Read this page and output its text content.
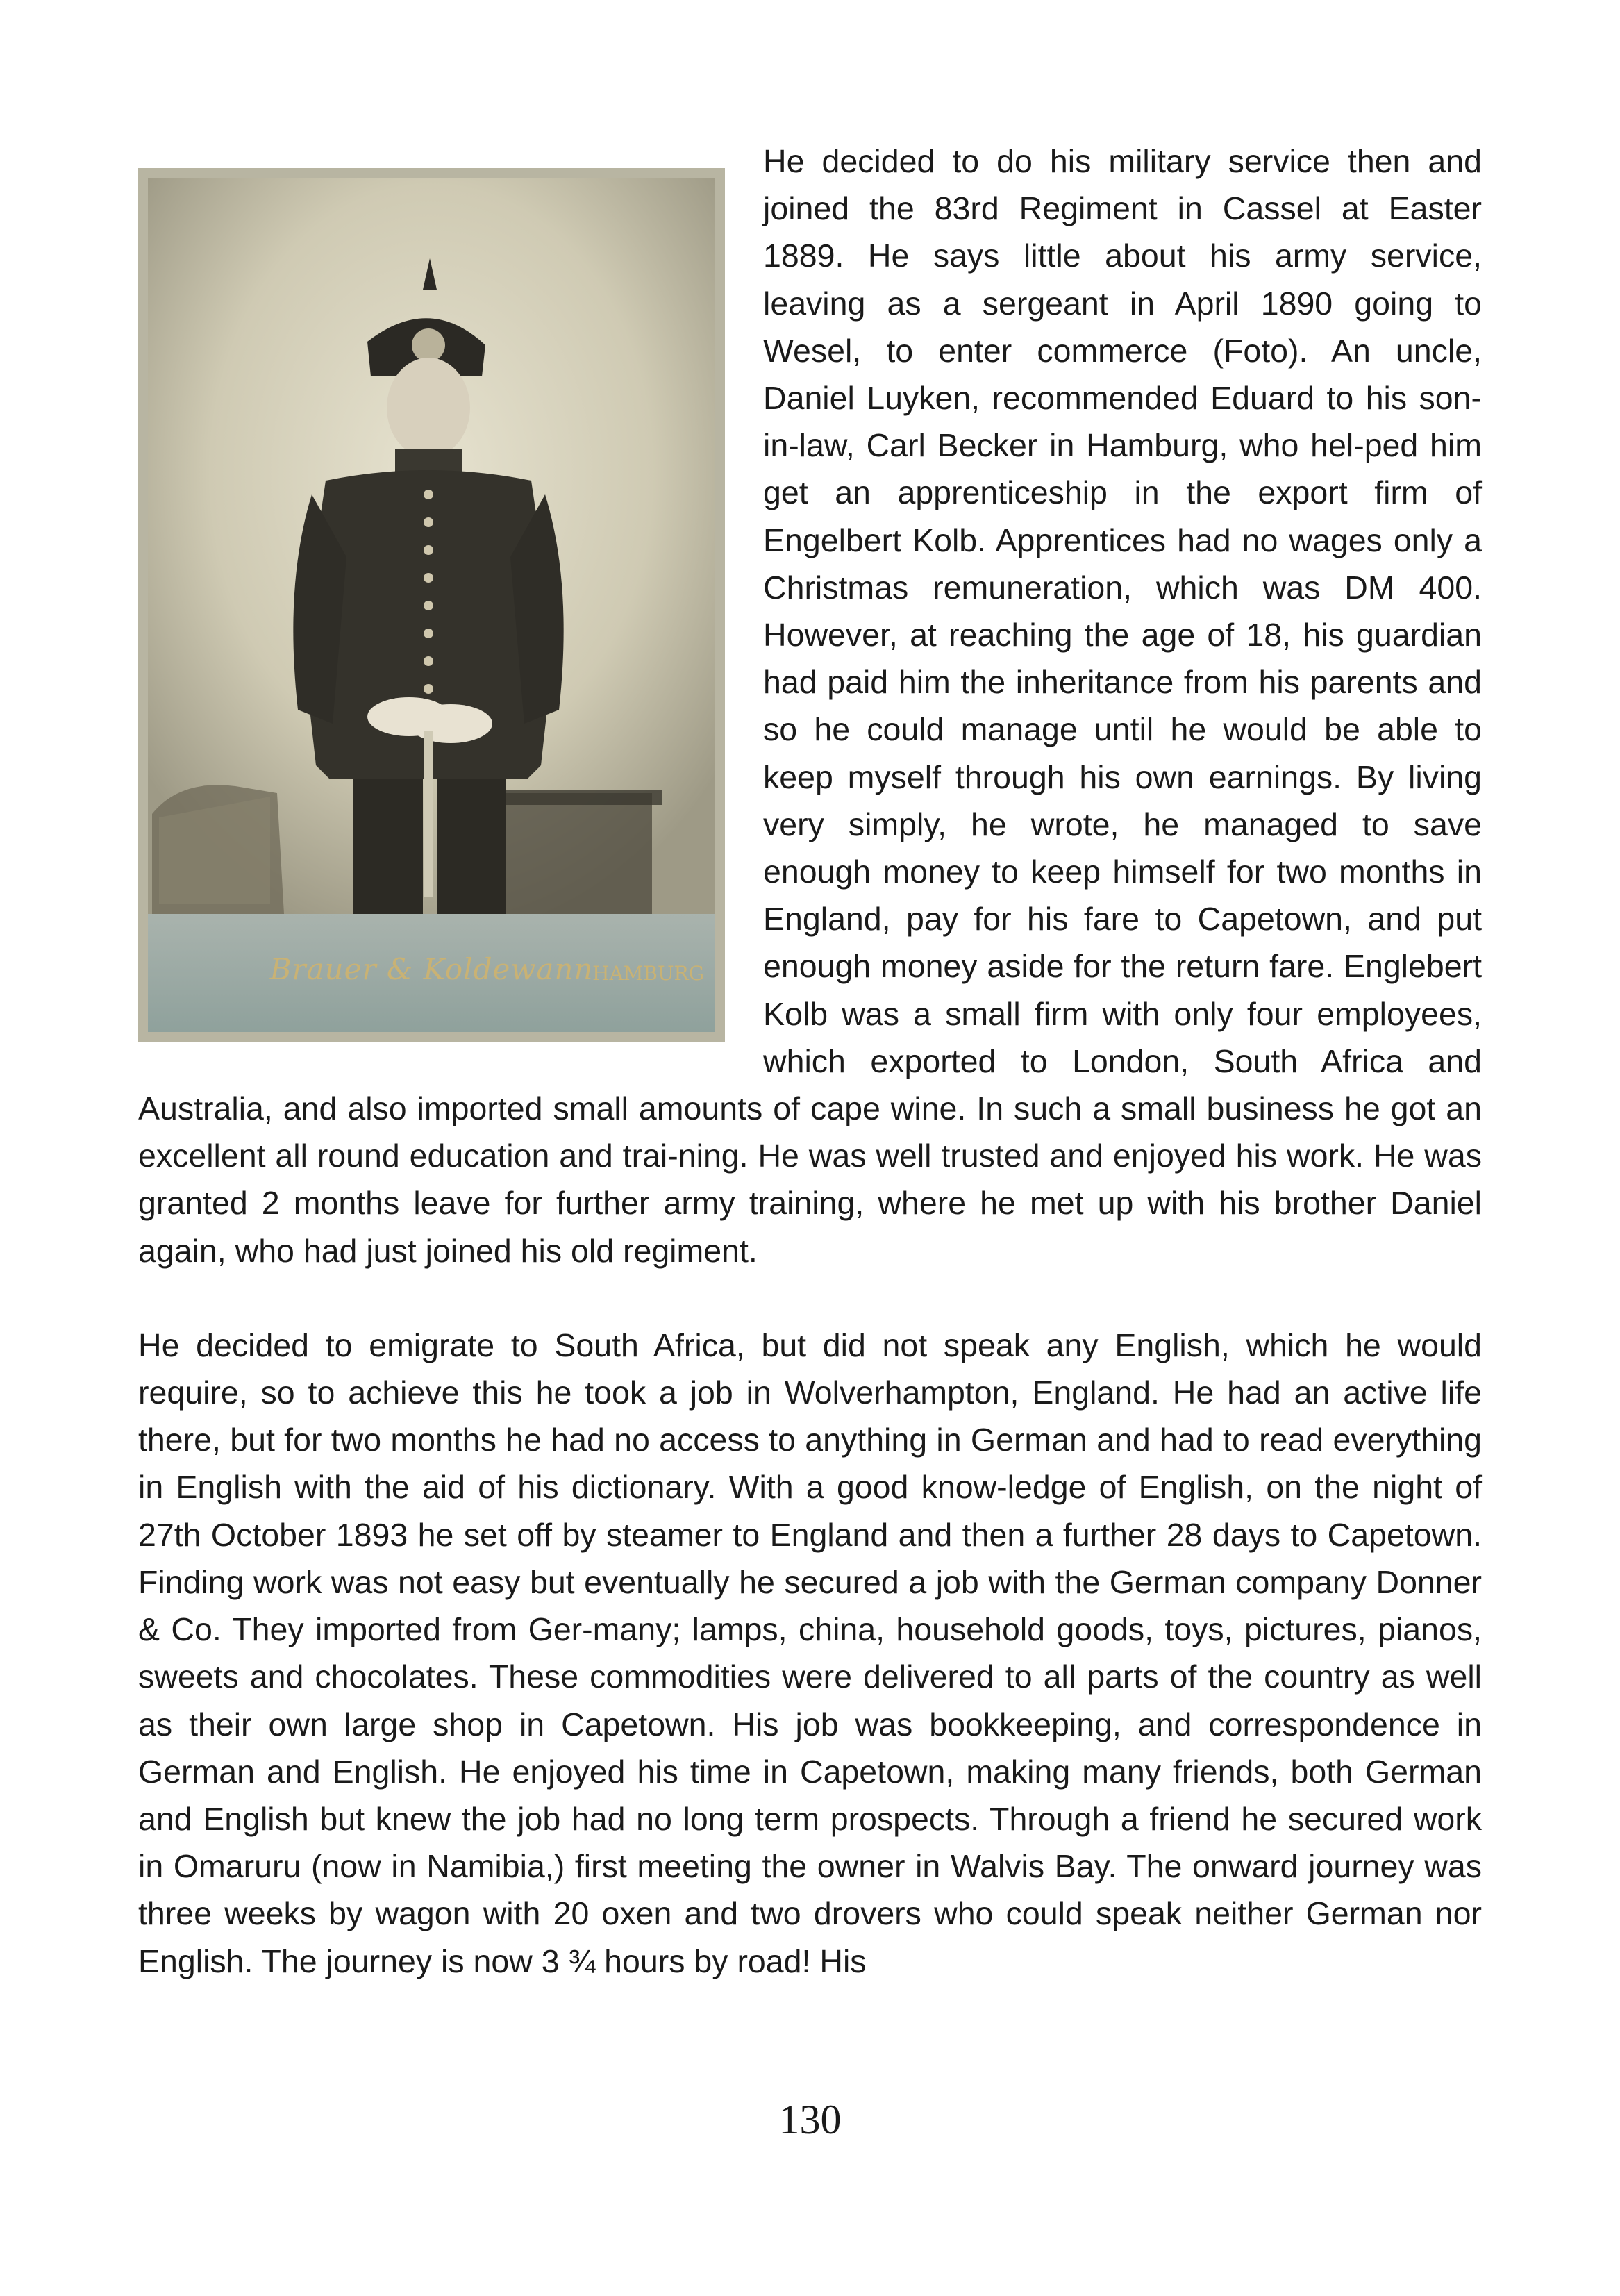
Brauer & Koldewann
HAMBURG

He decided to do his military service then and joined the 83rd Regiment in Cassel at Easter 1889. He says little about his army service, leaving as a sergeant in April 1890 going to Wesel, to enter commerce (Foto). An uncle, Daniel Luyken, recommended Eduard to his son-in-law, Carl Becker in Hamburg, who hel-ped him get an apprenticeship in the export firm of Engelbert Kolb. Apprentices had no wages only a Christmas remuneration, which was DM 400. However, at reaching the age of 18, his guardian had paid him the inheritance from his parents and so he could manage until he would be able to keep myself through his own earnings. By living very simply, he wrote, he managed to save enough money to keep himself for two months in England, pay for his fare to Capetown, and put enough money aside for the return fare. Englebert Kolb was a small firm with only four employees, which exported to London, South Africa and Australia, and also imported small amounts of cape wine. In such a small business he got an excellent all round education and trai-ning. He was well trusted and enjoyed his work. He was granted 2 months leave for further army training, where he met up with his brother Daniel again, who had just joined his old regiment.

He decided to emigrate to South Africa, but did not speak any English, which he would require, so to achieve this he took a job in Wolverhampton, England. He had an active life there, but for two months he had no access to anything in German and had to read everything in English with the aid of his dictionary. With a good know-ledge of English, on the night of 27th October 1893 he set off by steamer to England and then a further 28 days to Capetown. Finding work was not easy but eventually he secured a job with the German company Donner & Co. They imported from Ger-many; lamps, china, household goods, toys, pictures, pianos, sweets and chocolates. These commodities were delivered to all parts of the country as well as their own large shop in Capetown. His job was bookkeeping, and correspondence in German and English. He enjoyed his time in Capetown, making many friends, both German and English but knew the job had no long term prospects. Through a friend he secured work in Omaruru (now in Namibia,) first meeting the owner in Walvis Bay. The onward journey was three weeks by wagon with 20 oxen and two drovers who could speak neither German nor English. The journey is now 3 ¾ hours by road! His

130
